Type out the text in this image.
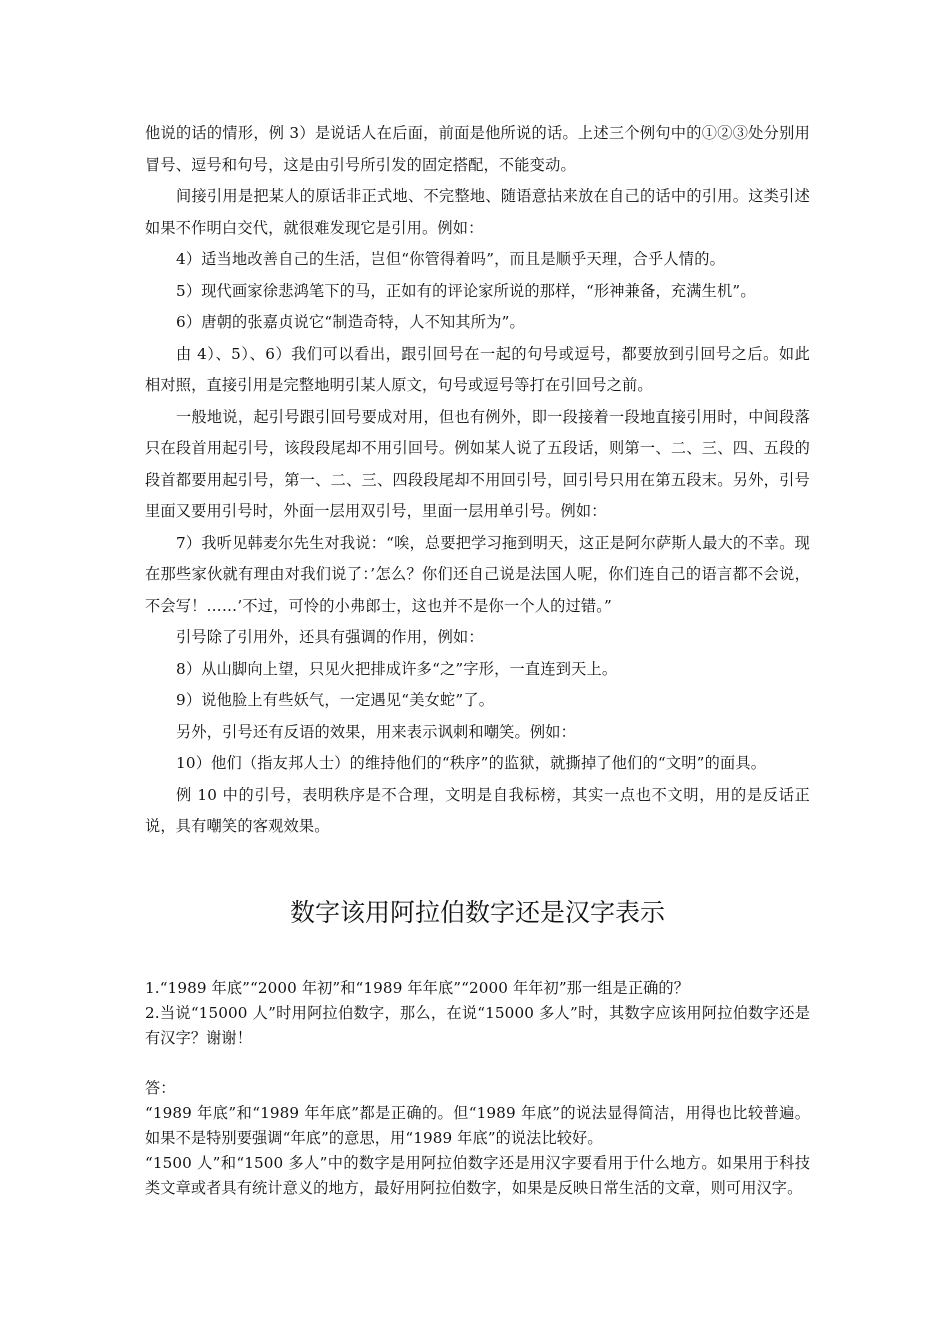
他说的话的情形，例 3）是说话人在后面，前面是他所说的话。上述三个例句中的①②③处分别用冒号、逗号和句号，这是由引号所引发的固定搭配，不能变动。

间接引用是把某人的原话非正式地、不完整地、随语意拈来放在自己的话中的引用。这类引述如果不作明白交代，就很难发现它是引用。例如：

4）适当地改善自己的生活，岂但“你管得着吗”，而且是顺乎天理，合乎人情的。

5）现代画家徐悲鸿笔下的马，正如有的评论家所说的那样，“形神兼备，充满生机”。

6）唐朝的张嘉贞说它“制造奇特，人不知其所为”。

由 4）、5）、6）我们可以看出，跟引回号在一起的句号或逗号，都要放到引回号之后。如此相对照，直接引用是完整地明引某人原文，句号或逗号等打在引回号之前。

一般地说，起引号跟引回号要成对用，但也有例外，即一段接着一段地直接引用时，中间段落只在段首用起引号，该段段尾却不用引回号。例如某人说了五段话，则第一、二、三、四、五段的段首都要用起引号，第一、二、三、四段段尾却不用回引号，回引号只用在第五段末。另外，引号里面又要用引号时，外面一层用双引号，里面一层用单引号。例如：

7）我听见韩麦尔先生对我说：“唉，总要把学习拖到明天，这正是阿尔萨斯人最大的不幸。现在那些家伙就有理由对我们说了：’怎么？你们还自己说是法国人呢，你们连自己的语言都不会说，不会写！……’不过，可怜的小弗郎士，这也并不是你一个人的过错。”

引号除了引用外，还具有强调的作用，例如：

8）从山脚向上望，只见火把排成许多“之”字形，一直连到天上。

9）说他脸上有些妖气，一定遇见“美女蛇”了。

另外，引号还有反语的效果，用来表示讽刺和嘲笑。例如：

10）他们（指友邦人士）的维持他们的“秩序”的监狱，就撕掉了他们的“文明”的面具。

例 10 中的引号，表明秩序是不合理，文明是自我标榜，其实一点也不文明，用的是反话正说，具有嘲笑的客观效果。

数字该用阿拉伯数字还是汉字表示

1.“1989 年底”“2000 年初”和“1989 年年底”“2000 年年初”那一组是正确的？

2.当说“15000 人”时用阿拉伯数字，那么，在说“15000 多人”时，其数字应该用阿拉伯数字还是有汉字？谢谢！

答：

“1989 年底”和“1989 年年底”都是正确的。但“1989 年底”的说法显得简洁，用得也比较普遍。如果不是特别要强调“年底”的意思，用“1989 年底”的说法比较好。

“1500 人”和“1500 多人”中的数字是用阿拉伯数字还是用汉字要看用于什么地方。如果用于科技类文章或者具有统计意义的地方，最好用阿拉伯数字，如果是反映日常生活的文章，则可用汉字。
